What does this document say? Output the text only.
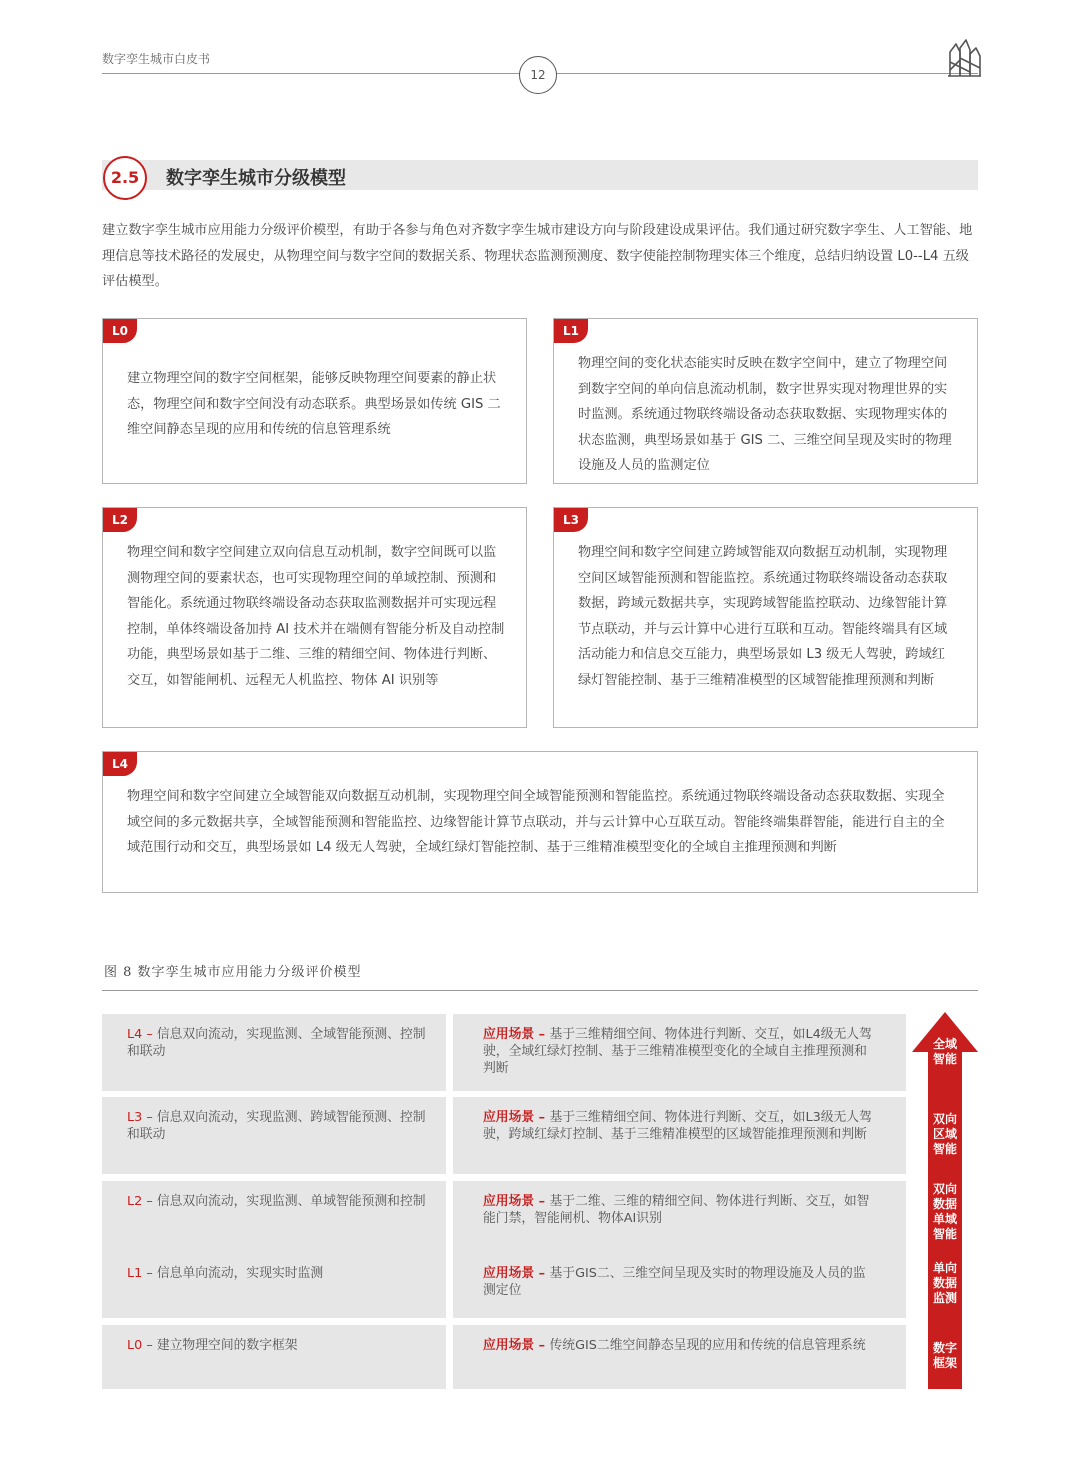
数字孪生城市白皮书
12
2.5	数字孪生城市分级模型
建立数字孪生城市应用能力分级评价模型，有助于各参与角色对齐数字孪生城市建设方向与阶段建设成果评估。我们通过研究数字孪生、人工智能、地理信息等技术路径的发展史，从物理空间与数字空间的数据关系、物理状态监测预测度、数字使能控制物理实体三个维度，总结归纳设置 L0--L4 五级评估模型。
L0
建立物理空间的数字空间框架，能够反映物理空间要素的静止状态，物理空间和数字空间没有动态联系。典型场景如传统 GIS 二维空间静态呈现的应用和传统的信息管理系统
L1
物理空间的变化状态能实时反映在数字空间中，建立了物理空间到数字空间的单向信息流动机制，数字世界实现对物理世界的实时监测。系统通过物联终端设备动态获取数据、实现物理实体的状态监测，典型场景如基于 GIS 二、三维空间呈现及实时的物理设施及人员的监测定位
L2
物理空间和数字空间建立双向信息互动机制，数字空间既可以监测物理空间的要素状态，也可实现物理空间的单域控制、预测和智能化。系统通过物联终端设备动态获取监测数据并可实现远程控制，单体终端设备加持 AI 技术并在端侧有智能分析及自动控制功能，典型场景如基于二维、三维的精细空间、物体进行判断、交互，如智能闸机、远程无人机监控、物体 AI 识别等
L3
物理空间和数字空间建立跨域智能双向数据互动机制，实现物理空间区域智能预测和智能监控。系统通过物联终端设备动态获取数据，跨域元数据共享，实现跨域智能监控联动、边缘智能计算节点联动，并与云计算中心进行互联和互动。智能终端具有区域活动能力和信息交互能力，典型场景如 L3 级无人驾驶，跨域红绿灯智能控制、基于三维精准模型的区域智能推理预测和判断
L4
物理空间和数字空间建立全域智能双向数据互动机制，实现物理空间全域智能预测和智能监控。系统通过物联终端设备动态获取数据、实现全域空间的多元数据共享，全域智能预测和智能监控、边缘智能计算节点联动，并与云计算中心互联互动。智能终端集群智能，能进行自主的全域范围行动和交互，典型场景如 L4 级无人驾驶，全域红绿灯智能控制、基于三维精准模型变化的全域自主推理预测和判断
图 8 数字孪生城市应用能力分级评价模型
L4 – 信息双向流动，实现监测、全域智能预测、控制和联动
应用场景 – 基于三维精细空间、物体进行判断、交互，如L4级无人驾驶，全域红绿灯控制、基于三维精准模型变化的全域自主推理预测和判断
L3 – 信息双向流动，实现监测、跨域智能预测、控制和联动
应用场景 – 基于三维精细空间、物体进行判断、交互，如L3级无人驾驶，跨域红绿灯控制、基于三维精准模型的区域智能推理预测和判断
L2 – 信息双向流动，实现监测、单域智能预测和控制	应用场景 – 基于二维、三维的精细空间、物体进行判断、交互，如智能门禁，智能闸机、物体AI识别
L1 – 信息单向流动，实现实时监测	应用场景 – 基于GIS二、三维空间呈现及实时的物理设施及人员的监测定位
L0 – 建立物理空间的数字框架	应用场景 – 传统GIS二维空间静态呈现的应用和传统的信息管理系统
全域
智能
双向
区域
智能
双向
数据
单域
智能
单向
数据
监测
数字
框架
